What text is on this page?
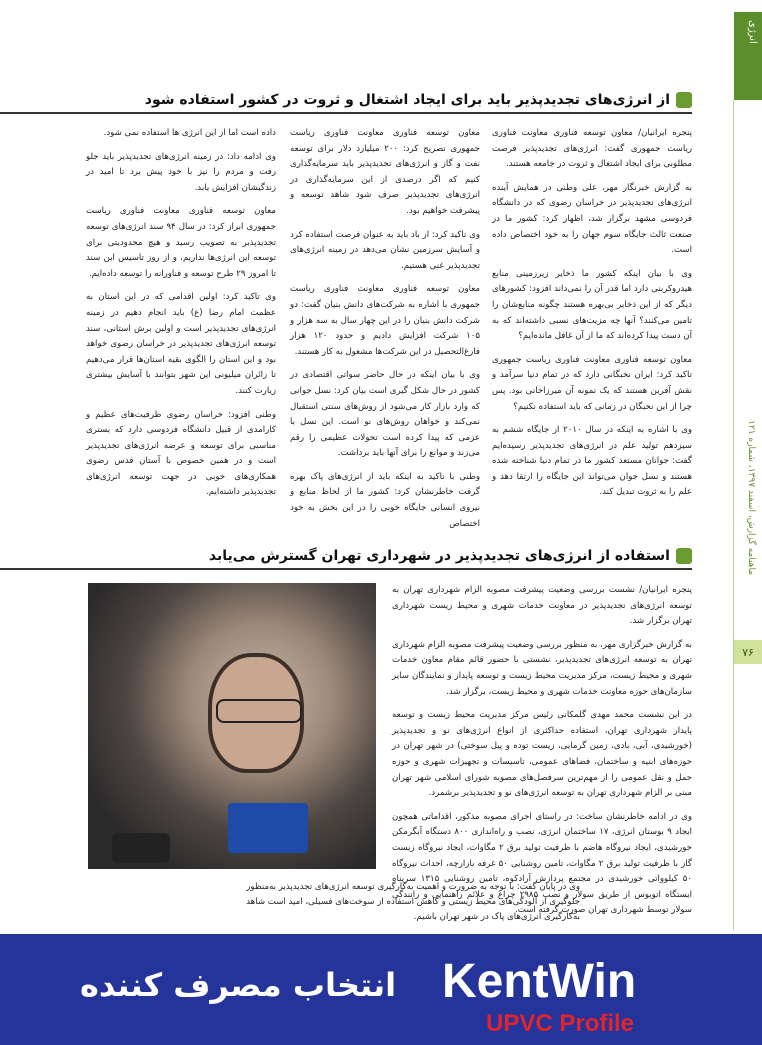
انرژی
ماهنامه گزارش، اسفند ۱۳۹۷، شماره ۱۲۱
۷۶
از انرژی‌های تجدیدپذیر باید برای ایجاد اشتغال و ثروت در کشور استفاده شود

پنجره ایرانیان/ معاون توسعه فناوری معاونت فناوری ریاست جمهوری گفت: انرژی‌های تجدیدپذیر فرصت مطلوبی برای ایجاد اشتغال و ثروت در جامعه هستند.

به گزارش خبرنگار مهر، علی وطنی در همایش آینده انرژی‌های تجدیدپذیر در خراسان رضوی که در دانشگاه فردوسی مشهد برگزار شد، اظهار کرد: کشور ما در صنعت ثالث جایگاه سوم جهان را به خود اختصاص داده است.

وی با بیان اینکه کشور ما ذخایر زیرزمینی منابع هیدروکربنی دارد اما قدر آن را نمی‌داند افزود: کشورهای دیگر که از این ذخایر بی‌بهره هستند چگونه منابع‌شان را تامین می‌کنند؟ آنها چه مزیت‌های نسبی داشته‌اند که به آن دست پیدا کرده‌اند که ما از آن غافل مانده‌ایم؟

معاون توسعه فناوری معاونت فناوری ریاست جمهوری تاکید کرد: ایران نخبگانی دارد که در تمام دنیا سرآمد و نقش آفرین هستند که یک نمونه آن میرزاخانی بود. پس چرا از این نخبگان در زمانی که باید استفاده نکنیم؟

وی با اشاره به اینکه در سال ۲۰۱۰ از جایگاه ششم به سیزدهم تولید علم در انرژی‌های تجدیدپذیر رسیده‌ایم گفت: جوانان مستعد کشور ما در تمام دنیا شناخته شده هستند و نسل جوان می‌تواند این جایگاه را ارتقا دهد و علم را به ثروت تبدیل کند.

معاون توسعه فناوری معاونت فناوری ریاست جمهوری تصریح کرد: ۲۰۰ میلیارد دلار برای توسعه نفت و گاز و انرژی‌های تجدیدپذیر باید سرمایه‌گذاری کنیم که اگر درصدی از این سرمایه‌گذاری در انرژی‌های تجدیدپذیر صرف شود شاهد توسعه و پیشرفت خواهیم بود.

وی تاکید کرد: از باد باید به عنوان فرصت استفاده کرد و آسایش سرزمین نشان می‌دهد در زمینه انرژی‌های تجدیدپذیر غنی هستیم.

معاون توسعه فناوری معاونت فناوری ریاست جمهوری با اشاره به شرکت‌های دانش بنیان گفت: دو شرکت دانش بنیان را در این چهار سال به سه هزار و ۱۰۵ شرکت افزایش دادیم و حدود ۱۲۰ هزار فارغ‌التحصیل در این شرکت‌ها مشغول به کار هستند.

وی با بیان اینکه در حال حاضر سواتی اقتصادی در کشور در حال شکل گیری است بیان کرد: نسل جوانی که وارد بازار کار می‌شود از روش‌های سنتی استقبال نمی‌کند و خواهان روش‌های نو است. این نسل با عزمی که پیدا کرده است تحولات عظیمی را رقم می‌زند و موانع را برای آنها باید برداشت.

وطنی با تاکید به اینکه باید از انرژی‌های پاک بهره گرفت خاطرنشان کرد: کشور ما از لحاظ منابع و نیروی انسانی جایگاه خوبی را در این بخش به خود اختصاص

داده است اما از این انرژی ها استفاده نمی شود.

وی ادامه داد: در زمینه انرژی‌های تجدیدپذیر باید جلو رفت و مردم را نیز با خود پیش برد تا امید در زندگیشان افزایش یابد.

معاون توسعه فناوری معاونت فناوری ریاست جمهوری ابراز کرد: در سال ۹۴ سند انرژی‌های توسعه تجدیدپذیر به تصویب رسید و هیچ محدودیتی برای توسعه این انرژی‌ها نداریم، و از روز تاسیس این سند تا امروز ۲۹ طرح توسعه و فناورانه را توسعه داده‌ایم.

وی تاکید کرد: اولین اقدامی که در این استان به عظمت امام رضا (ع) باید انجام دهیم در زمینه انرژی‌های تجدیدپذیر است و اولین برش استانی، سند توسعه انرژی‌های تجدیدپذیر در خراسان رضوی خواهد بود و این استان را الگوی بقیه استان‌ها قرار می‌دهیم تا زائران میلیونی این شهر بتوانند با آسایش بیشتری زیارت کنند.

وطنی افزود: خراسان رضوی ظرفیت‌های عظیم و کارامدی از قبیل دانشگاه فردوسی دارد که بستری مناسبی برای توسعه و عرضه انرژی‌های تجدیدپذیر است و در همین خصوص با آستان قدس رضوی همکاری‌های خوبی در جهت توسعه انرژی‌های تجدیدپذیر داشته‌ایم.

استفاده از انرژی‌های تجدیدپذیر در شهرداری تهران گسترش می‌یابد

پنجره ایرانیان/ نشست بررسی وضعیت پیشرفت مصوبه الزام شهرداری تهران به توسعه انرژی‌های تجدیدپذیر در معاونت خدمات شهری و محیط زیست شهرداری تهران برگزار شد.

به گزارش خبرگزاری مهر، به منظور بررسی وضعیت پیشرفت مصوبه الزام شهرداری تهران به توسعه انرژی‌های تجدیدپذیر، نشستی با حضور قائم مقام معاون خدمات شهری و محیط زیست، مرکز مدیریت محیط زیست و توسعه پایدار و نمایندگان سایر سازمان‌های حوزه معاونت خدمات شهری و محیط زیست، برگزار شد.

در این نشست محمد مهدی گلمکانی رئیس مرکز مدیریت محیط زیست و توسعه پایدار شهرداری تهران، استفاده حداکثری از انواع انرژی‌های نو و تجدیدپذیر (خورشیدی، آبی، بادی، زمین گرمایی، زیست توده و پیل سوختی) در شهر تهران در حوزه‌های ابنیه و ساختمان، فضاهای عمومی، تاسیسات و تجهیزات شهری و حوزه حمل و نقل عمومی را از مهم‌ترین سرفصل‌های مصوبه شورای اسلامی شهر تهران مبنی بر الزام شهرداری تهران به توسعه انرژی‌های نو و تجدیدپذیر برشمرد.

وی در ادامه خاطرنشان ساخت: در راستای اجرای مصوبه مذکور، اقداماتی همچون ایجاد ۹ بوستان انرژی، ۱۷ ساختمان انرژی، نصب و راه‌اندازی ۸۰۰ دستگاه آبگرمکن خورشیدی، ایجاد نیروگاه هاضم با ظرفیت تولید برق ۲ مگاوات، ایجاد نیروگاه زیست گاز با ظرفیت تولید برق ۲ مگاوات، تامین روشنایی ۵۰ غرفه بازارچه، احداث نیروگاه ۵۰ کیلوواتی خورشیدی در مجتمع پردازش آرادکوه، تامین روشنایی ۱۳۱۵ سرپناه ایستگاه اتوبوس از طریق سولار و نصب ۲۹۸۵ چراغ و علائم راهنمایی و رانندگی سولار توسط شهرداری تهران صورت گرفته است.

وی در پایان گفت: با توجه به ضرورت و اهمیت به‌کارگیری توسعه انرژی‌های تجدیدپذیر به‌منظور جلوگیری از آلودگی‌های محیط زیستی و کاهش استفاده از سوخت‌های فسیلی، امید است شاهد به‌کارگیری انرژی‌های پاک در شهر تهران باشیم.
انتخاب مصرف کننده KentWin
UPVC Profile
